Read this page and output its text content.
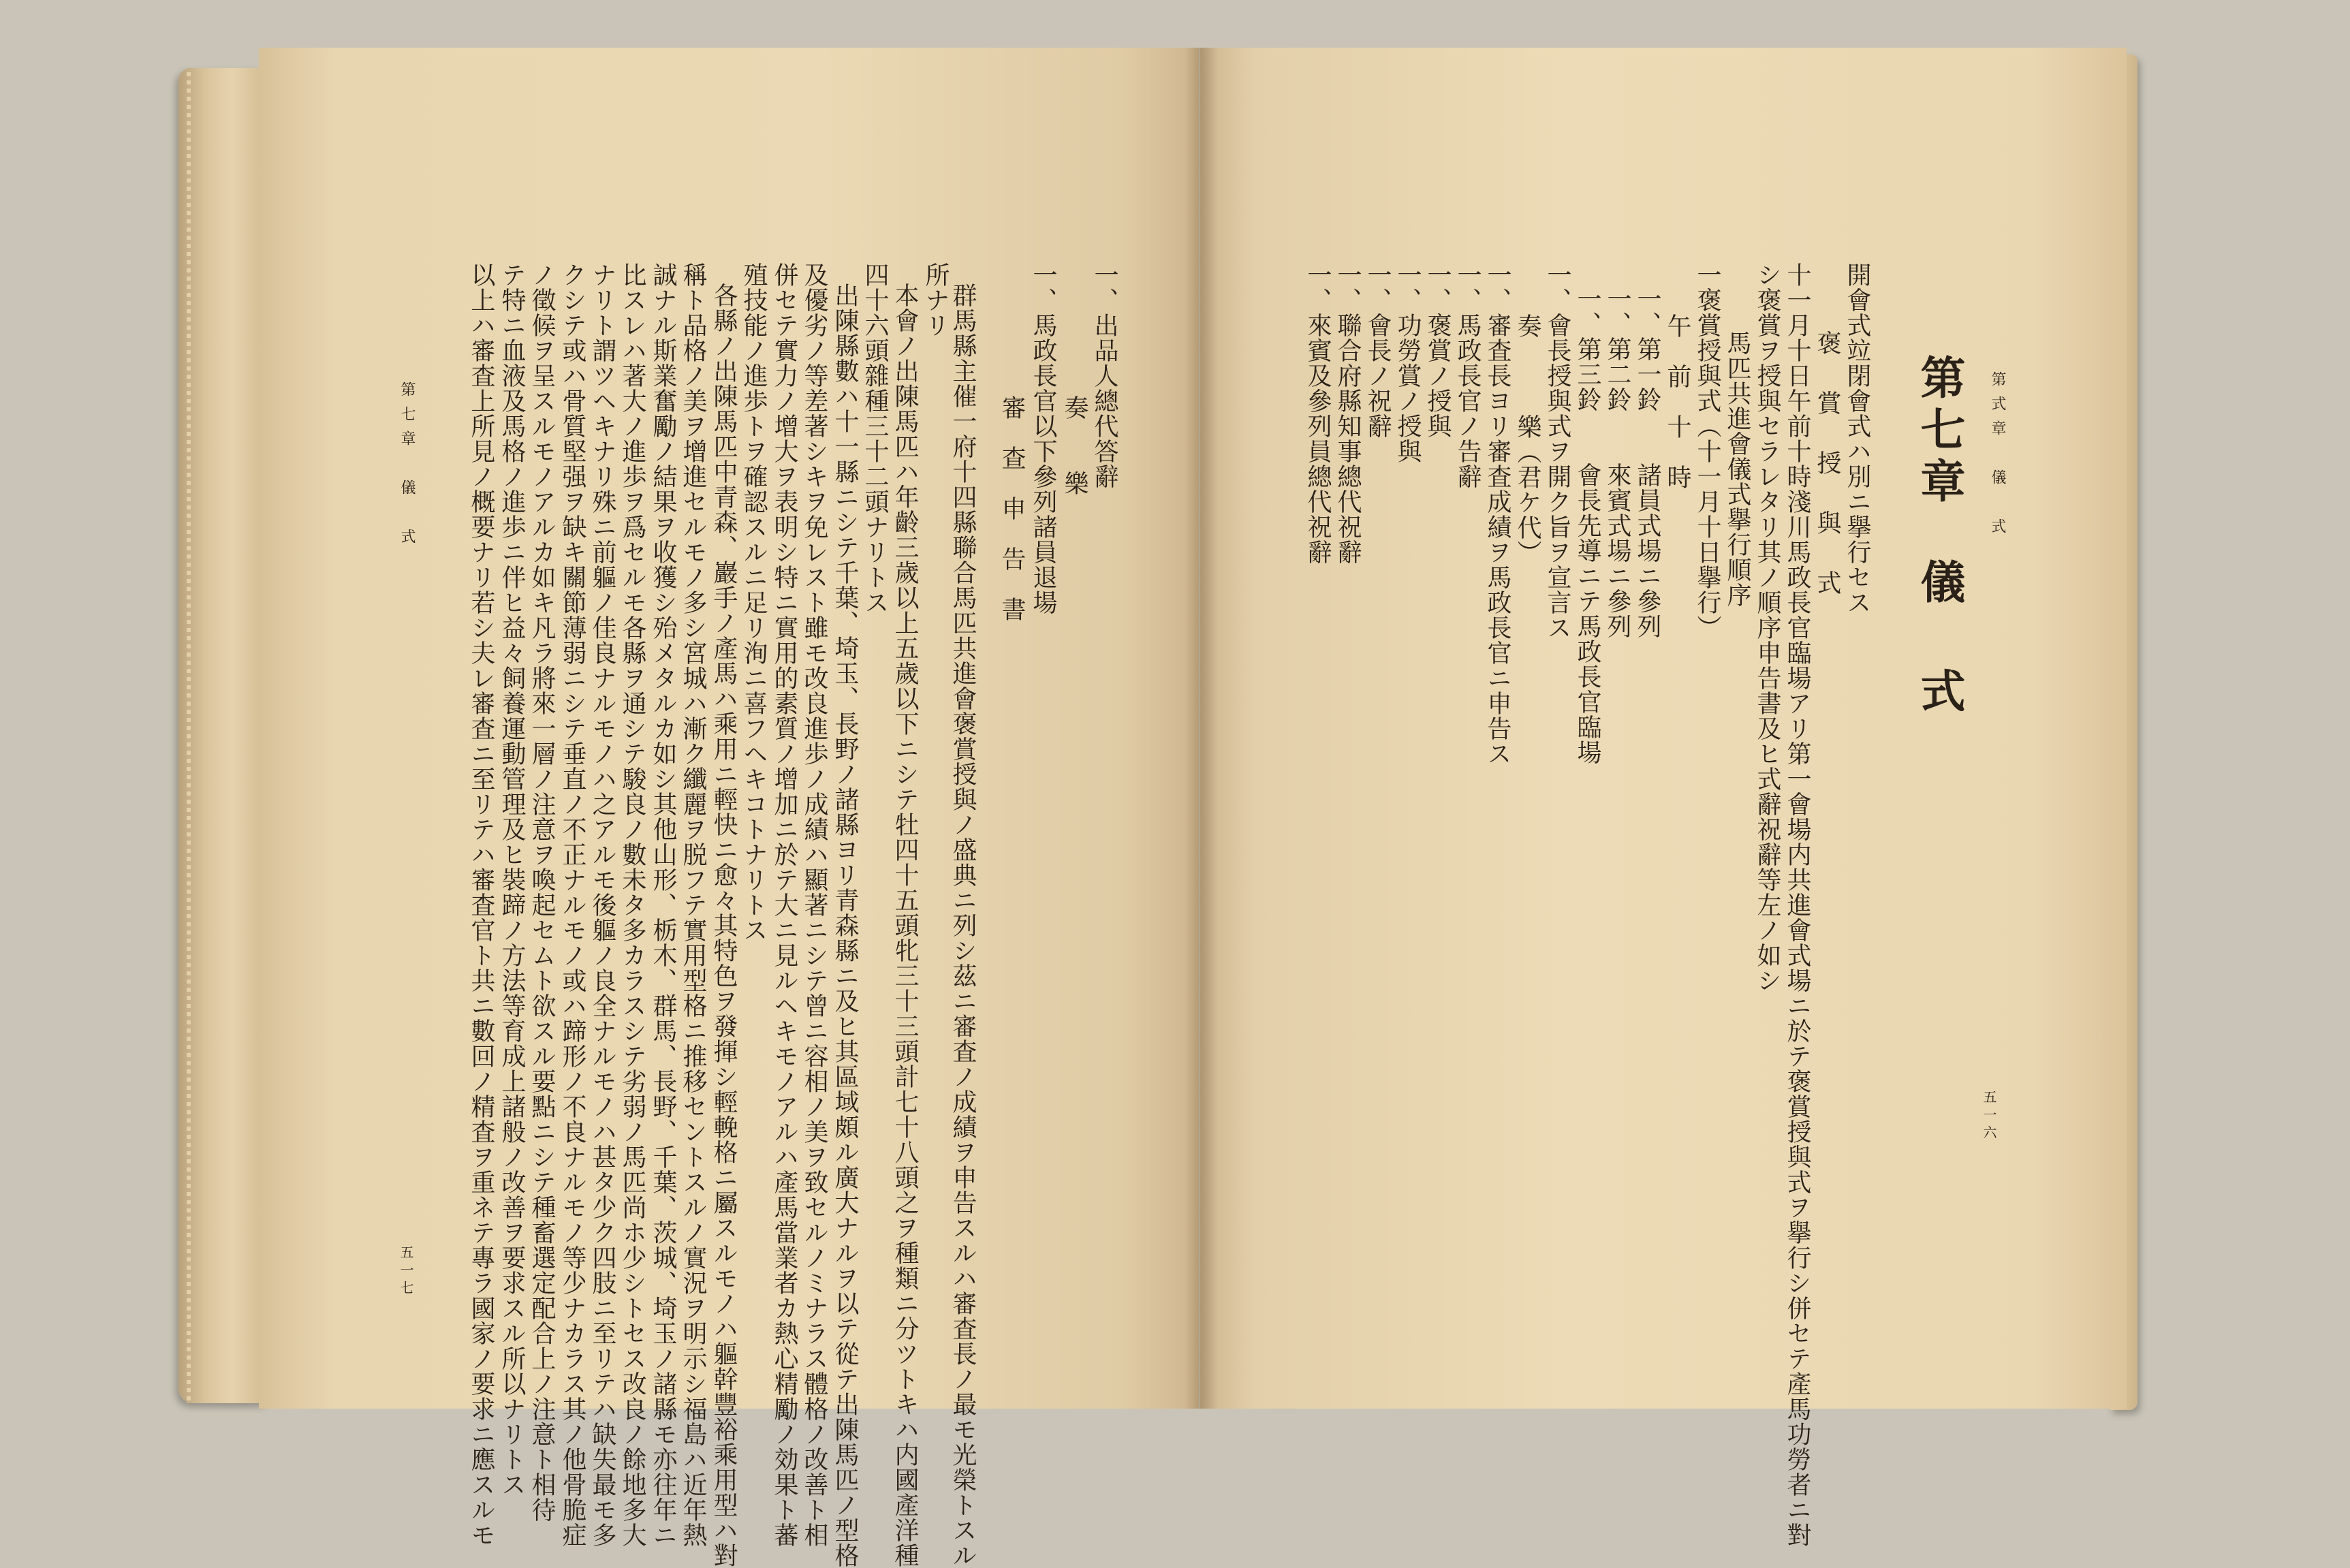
第七章　儀　式
五一七
一、出品人總代答辭
奏　　樂
一、馬政長官以下參列諸員退場
審　查　申　告　書
群馬縣主催一府十四縣聯合馬匹共進會褒賞授與ノ盛典ニ列シ茲ニ審査ノ成績ヲ申告スルハ審査長ノ最モ光榮トスル
所ナリ
本會ノ出陳馬匹ハ年齡三歲以上五歲以下ニシテ牡四十五頭牝三十三頭計七十八頭之ヲ種類ニ分ツトキハ内國產洋種
四十六頭雜種三十二頭ナリトス
出陳縣數ハ十一縣ニシテ千葉、埼玉、長野ノ諸縣ヨリ青森縣ニ及ヒ其區域頗ル廣大ナルヲ以テ從テ出陳馬匹ノ型格
及優劣ノ等差著シキヲ免レスト雖モ改良進歩ノ成績ハ顯著ニシテ曾ニ容相ノ美ヲ致セルノミナラス體格ノ改善ト相
併セテ實力ノ增大ヲ表明シ特ニ實用的素質ノ增加ニ於テ大ニ見ルヘキモノアルハ產馬當業者カ熱心精勵ノ効果ト蕃
殖技能ノ進歩トヲ確認スルニ足リ洵ニ喜フヘキコトナリトス
各縣ノ出陳馬匹中青森、巖手ノ產馬ハ乘用ニ輕快ニ愈々其特色ヲ發揮シ輕輓格ニ屬スルモノハ軀幹豐裕乘用型ハ對
稱ト品格ノ美ヲ增進セルモノ多シ宮城ハ漸ク纖麗ヲ脱フテ實用型格ニ推移セントスルノ實況ヲ明示シ福島ハ近年熱
誠ナル斯業奮勵ノ結果ヲ收獲シ殆メタルカ如シ其他山形、栃木、群馬、長野、千葉、茨城、埼玉ノ諸縣モ亦往年ニ
比スレハ著大ノ進歩ヲ爲セルモ各縣ヲ通シテ駿良ノ數未タ多カラスシテ劣弱ノ馬匹尚ホ少シトセス改良ノ餘地多大
ナリト謂ツヘキナリ殊ニ前軀ノ佳良ナルモノハ之アルモ後軀ノ良全ナルモノハ甚タ少ク四肢ニ至リテハ缺失最モ多
クシテ或ハ骨質堅强ヲ缺キ關節薄弱ニシテ垂直ノ不正ナルモノ或ハ蹄形ノ不良ナルモノ等少ナカラス其ノ他骨脆症
ノ徵候ヲ呈スルモノアルカ如キ凡ラ將來一層ノ注意ヲ喚起セムト欲スル要點ニシテ種畜選定配合上ノ注意ト相待
テ特ニ血液及馬格ノ進歩ニ伴ヒ益々飼養運動管理及ヒ裝蹄ノ方法等育成上諸般ノ改善ヲ要求スル所以ナリトス
以上ハ審査上所見ノ概要ナリ若シ夫レ審査ニ至リテハ審査官ト共ニ數回ノ精査ヲ重ネテ專ラ國家ノ要求ニ應スルモ	第式章　儀　式
五一六
第七章
儀　式
開會式竝閉會式ハ別ニ擧行セス
褒　賞　授　與　式
十一月十日午前十時淺川馬政長官臨場アリ第一會場内共進會式場ニ於テ褒賞授與式ヲ擧行シ併セテ產馬功勞者ニ對
シ褒賞ヲ授與セラレタリ其ノ順序申告書及ヒ式辭祝辭等左ノ如シ
馬匹共進會儀式擧行順序
一褒賞授與式（十一月十日擧行）
午　前　十　時
一、第一鈴　　諸員式場ニ參列
一、第二鈴　　來賓式場ニ參列
一、第三鈴　　會長先導ニテ馬政長官臨場
一、會長授與式ヲ開ク旨ヲ宣言ス
奏　　　樂（君ケ代）
一、審査長ヨリ審査成績ヲ馬政長官ニ申告ス
一、馬政長官ノ告辭
一、褒賞ノ授與
一、功勞賞ノ授與
一、會長ノ祝辭
一、聯合府縣知事總代祝辭
一、來賓及參列員總代祝辭
